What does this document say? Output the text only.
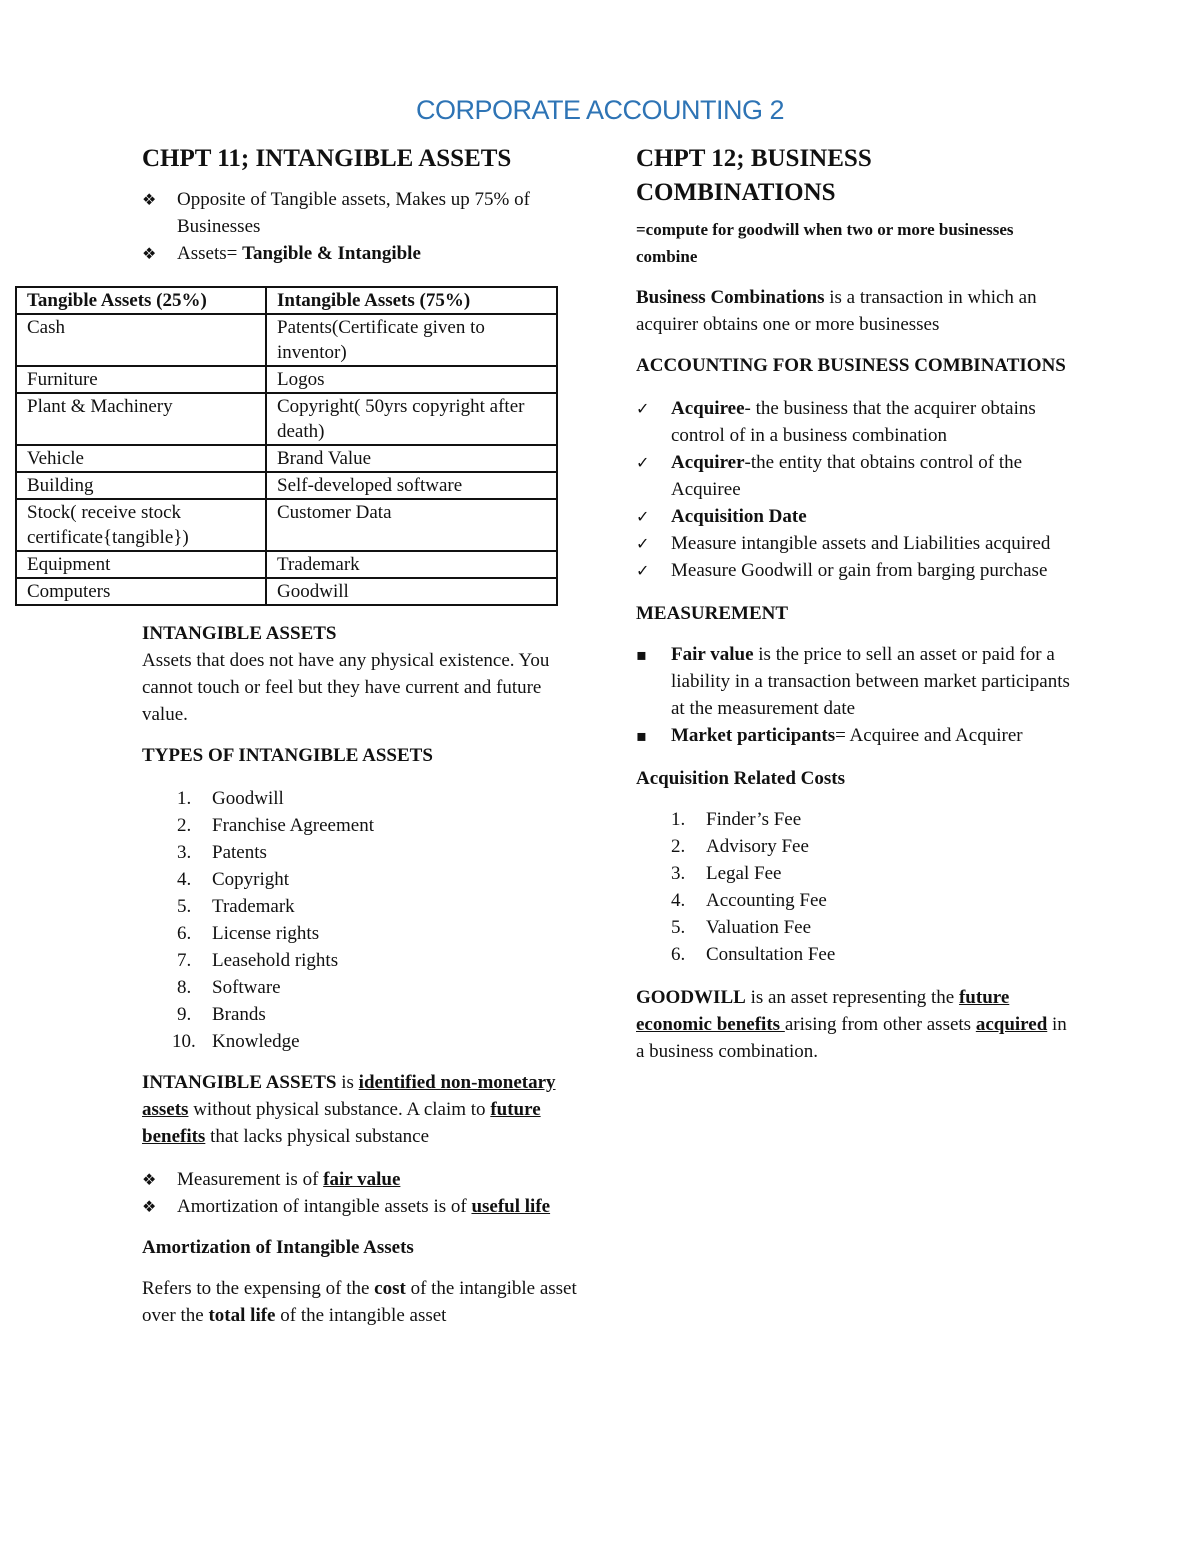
CORPORATE ACCOUNTING 2
CHPT 11; INTANGIBLE ASSETS
❖	Opposite of Tangible assets, Makes up 75% of Businesses
❖	Assets= Tangible & Intangible
Tangible Assets (25%)	Intangible Assets (75%)
Cash	Patents(Certificate given to inventor)
Furniture	Logos
Plant & Machinery	Copyright( 50yrs copyright after death)
Vehicle	Brand Value
Building	Self-developed software
Stock( receive stock certificate{tangible})	Customer Data
Equipment	Trademark
Computers	Goodwill
INTANGIBLE ASSETS
Assets that does not have any physical existence. You cannot touch or feel but they have current and future value.
TYPES OF INTANGIBLE ASSETS
1. Goodwill
2. Franchise Agreement
3. Patents
4. Copyright
5. Trademark
6. License rights
7. Leasehold rights
8. Software
9. Brands
10. Knowledge
INTANGIBLE ASSETS is identified non-monetary assets without physical substance. A claim to future benefits that lacks physical substance
❖	Measurement is of fair value
❖	Amortization of intangible assets is of useful life
Amortization of Intangible Assets
Refers to the expensing of the cost of the intangible asset over the total life of the intangible asset
CHPT 12; BUSINESS COMBINATIONS
=compute for goodwill when two or more businesses combine
Business Combinations is a transaction in which an acquirer obtains one or more businesses
ACCOUNTING FOR BUSINESS COMBINATIONS
✓	Acquiree- the business that the acquirer obtains control of in a business combination
✓	Acquirer-the entity that obtains control of the Acquiree
✓	Acquisition Date
✓	Measure intangible assets and Liabilities acquired
✓	Measure Goodwill or gain from barging purchase
MEASUREMENT
▪	Fair value is the price to sell an asset or paid for a liability in a transaction between market participants at the measurement date
▪	Market participants= Acquiree and Acquirer
Acquisition Related Costs
1. Finder’s Fee
2. Advisory Fee
3. Legal Fee
4. Accounting Fee
5. Valuation Fee
6. Consultation Fee
GOODWILL is an asset representing the future economic benefits arising from other assets acquired in a business combination.
